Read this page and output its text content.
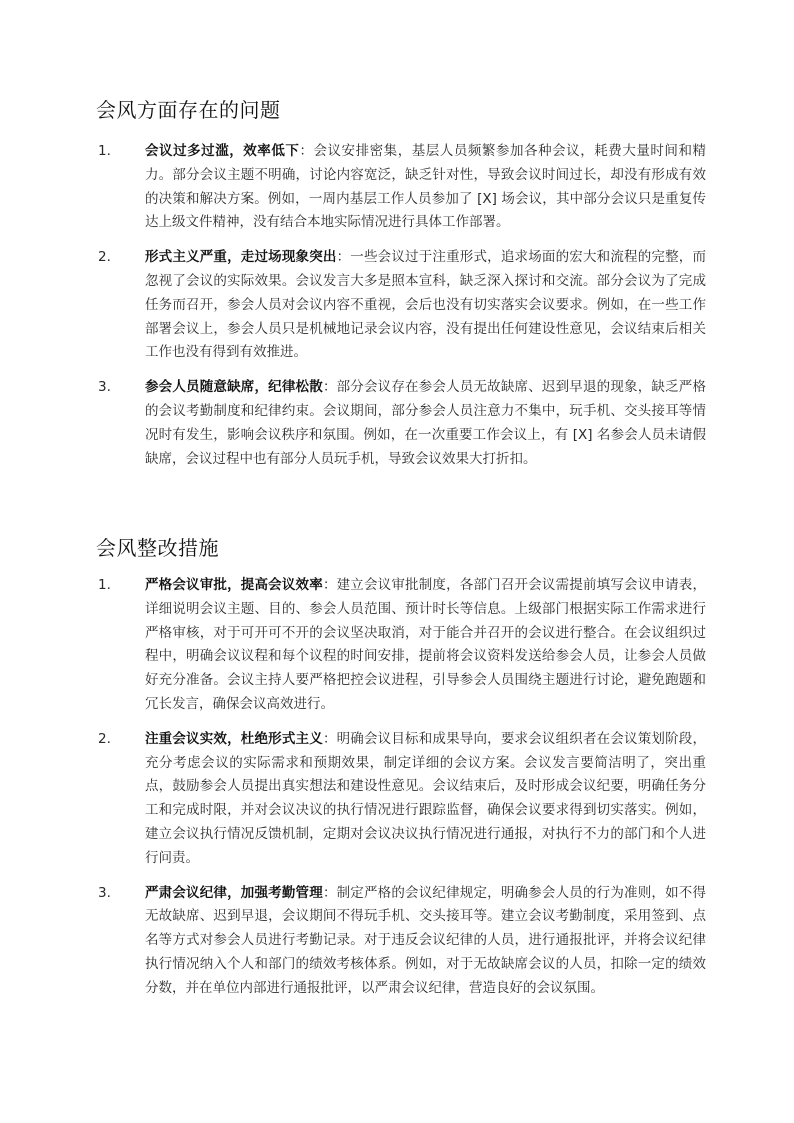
会风方面存在的问题
1.	会议过多过滥，效率低下：会议安排密集，基层人员频繁参加各种会议，耗费大量时间和精力。部分会议主题不明确，讨论内容宽泛，缺乏针对性，导致会议时间过长，却没有形成有效的决策和解决方案。例如，一周内基层工作人员参加了 [X] 场会议，其中部分会议只是重复传达上级文件精神，没有结合本地实际情况进行具体工作部署。
2.	形式主义严重，走过场现象突出：一些会议过于注重形式，追求场面的宏大和流程的完整，而忽视了会议的实际效果。会议发言大多是照本宣科，缺乏深入探讨和交流。部分会议为了完成任务而召开，参会人员对会议内容不重视，会后也没有切实落实会议要求。例如，在一些工作部署会议上，参会人员只是机械地记录会议内容，没有提出任何建设性意见，会议结束后相关工作也没有得到有效推进。
3.	参会人员随意缺席，纪律松散：部分会议存在参会人员无故缺席、迟到早退的现象，缺乏严格的会议考勤制度和纪律约束。会议期间，部分参会人员注意力不集中，玩手机、交头接耳等情况时有发生，影响会议秩序和氛围。例如，在一次重要工作会议上，有 [X] 名参会人员未请假缺席，会议过程中也有部分人员玩手机，导致会议效果大打折扣。
会风整改措施
1.	严格会议审批，提高会议效率：建立会议审批制度，各部门召开会议需提前填写会议申请表，详细说明会议主题、目的、参会人员范围、预计时长等信息。上级部门根据实际工作需求进行严格审核，对于可开可不开的会议坚决取消，对于能合并召开的会议进行整合。在会议组织过程中，明确会议议程和每个议程的时间安排，提前将会议资料发送给参会人员，让参会人员做好充分准备。会议主持人要严格把控会议进程，引导参会人员围绕主题进行讨论，避免跑题和冗长发言，确保会议高效进行。
2.	注重会议实效，杜绝形式主义：明确会议目标和成果导向，要求会议组织者在会议策划阶段，充分考虑会议的实际需求和预期效果，制定详细的会议方案。会议发言要简洁明了，突出重点，鼓励参会人员提出真实想法和建设性意见。会议结束后，及时形成会议纪要，明确任务分工和完成时限，并对会议决议的执行情况进行跟踪监督，确保会议要求得到切实落实。例如，建立会议执行情况反馈机制，定期对会议决议执行情况进行通报，对执行不力的部门和个人进行问责。
3.	严肃会议纪律，加强考勤管理：制定严格的会议纪律规定，明确参会人员的行为准则，如不得无故缺席、迟到早退，会议期间不得玩手机、交头接耳等。建立会议考勤制度，采用签到、点名等方式对参会人员进行考勤记录。对于违反会议纪律的人员，进行通报批评，并将会议纪律执行情况纳入个人和部门的绩效考核体系。例如，对于无故缺席会议的人员，扣除一定的绩效分数，并在单位内部进行通报批评，以严肃会议纪律，营造良好的会议氛围。
